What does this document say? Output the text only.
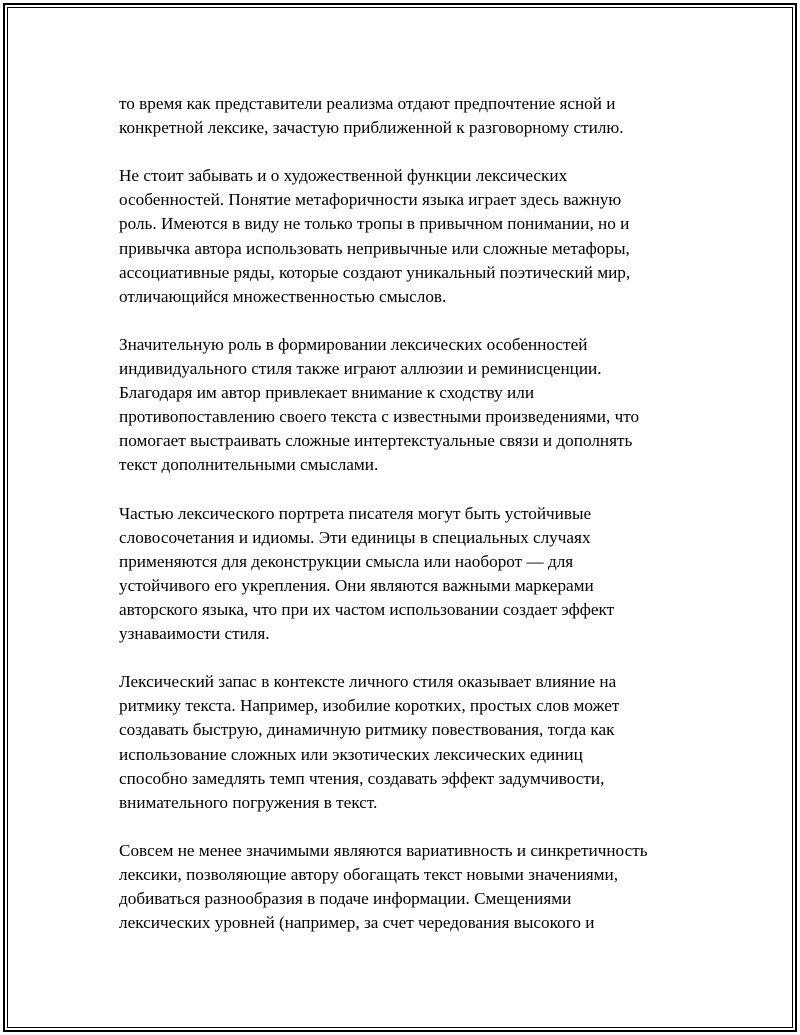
то время как представители реализма отдают предпочтение ясной и
конкретной лексике, зачастую приближенной к разговорному стилю.

Не стоит забывать и о художественной функции лексических
особенностей. Понятие метафоричности языка играет здесь важную
роль. Имеются в виду не только тропы в привычном понимании, но и
привычка автора использовать непривычные или сложные метафоры,
ассоциативные ряды, которые создают уникальный поэтический мир,
отличающийся множественностью смыслов.

Значительную роль в формировании лексических особенностей
индивидуального стиля также играют аллюзии и реминисценции.
Благодаря им автор привлекает внимание к сходству или
противопоставлению своего текста с известными произведениями, что
помогает выстраивать сложные интертекстуальные связи и дополнять
текст дополнительными смыслами.

Частью лексического портрета писателя могут быть устойчивые
словосочетания и идиомы. Эти единицы в специальных случаях
применяются для деконструкции смысла или наоборот — для
устойчивого его укрепления. Они являются важными маркерами
авторского языка, что при их частом использовании создает эффект
узнаваимости стиля.

Лексический запас в контексте личного стиля оказывает влияние на
ритмику текста. Например, изобилие коротких, простых слов может
создавать быструю, динамичную ритмику повествования, тогда как
использование сложных или экзотических лексических единиц
способно замедлять темп чтения, создавать эффект задумчивости,
внимательного погружения в текст.

Совсем не менее значимыми являются вариативность и синкретичность
лексики, позволяющие автору обогащать текст новыми значениями,
добиваться разнообразия в подаче информации. Смещениями
лексических уровней (например, за счет чередования высокого и
